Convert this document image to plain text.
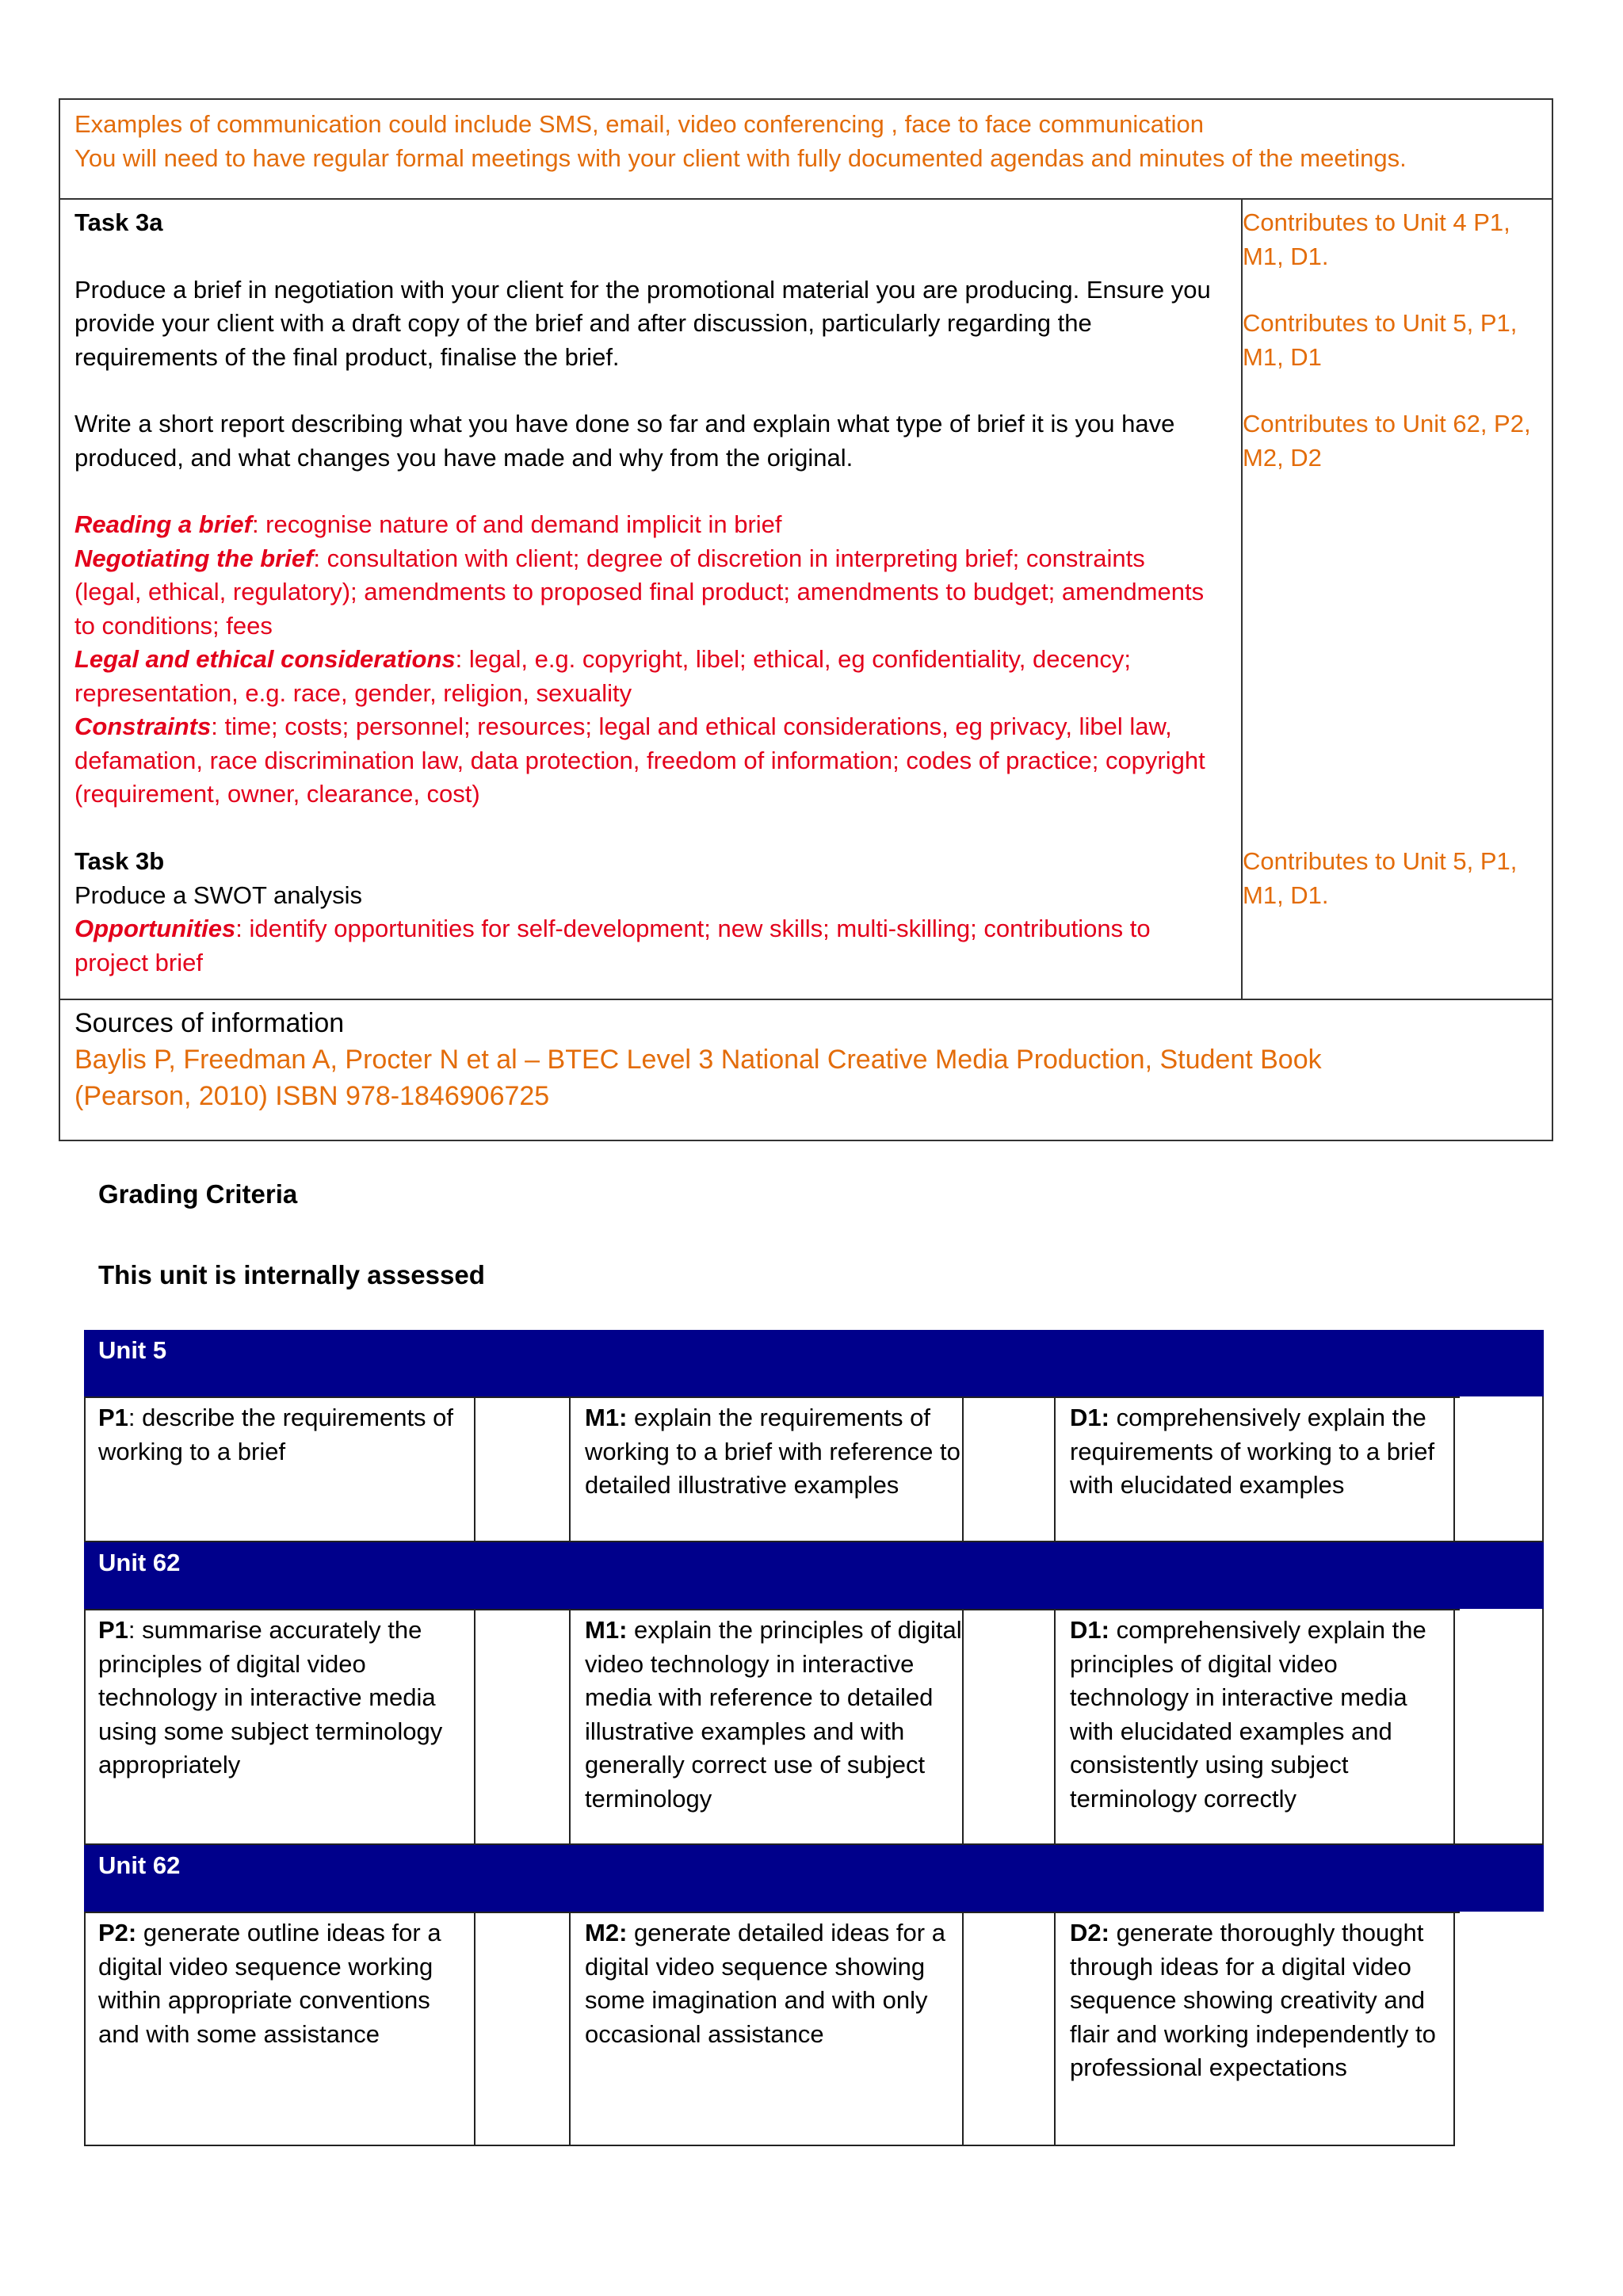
Examples of communication could include SMS, email, video conferencing , face to face communication

You will need to have regular formal meetings with your client with fully documented agendas and minutes of the meetings.

Task 3a

Produce a brief in negotiation with your client for the promotional material you are producing. Ensure you provide your client with a draft copy of the brief and after discussion, particularly regarding the requirements of the final product, finalise the brief.

Write a short report describing what you have done so far and explain what type of brief it is you have produced, and what changes you have made and why from the original.

Reading a brief: recognise nature of and demand implicit in brief

Negotiating the brief: consultation with client; degree of discretion in interpreting brief; constraints (legal, ethical, regulatory); amendments to proposed final product; amendments to budget; amendments to conditions; fees

Legal and ethical considerations: legal, e.g. copyright, libel; ethical, eg confidentiality, decency; representation, e.g. race, gender, religion, sexuality

Constraints: time; costs; personnel; resources; legal and ethical considerations, eg privacy, libel law, defamation, race discrimination law, data protection, freedom of information; codes of practice; copyright (requirement, owner, clearance, cost)

Task 3b

Produce a SWOT analysis

Opportunities: identify opportunities for self-development; new skills; multi-skilling; contributions to project brief

Contributes to Unit 4 P1, M1, D1.

Contributes to Unit 5, P1, M1, D1

Contributes to Unit 62, P2, M2, D2

Contributes to Unit 5, P1, M1, D1.

Sources of information

Baylis P, Freedman A, Procter N et al – BTEC Level 3 National Creative Media Production, Student Book (Pearson, 2010) ISBN 978-1846906725

Grading Criteria
This unit is internally assessed
Unit 5

P1: describe the requirements of working to a brief

M1: explain the requirements of working to a brief with reference to detailed illustrative examples

D1: comprehensively explain the requirements of working to a brief with elucidated examples

Unit 62

P1: summarise accurately the principles of digital video technology in interactive media using some subject terminology appropriately

M1: explain the principles of digital video technology in interactive media with reference to detailed illustrative examples and with generally correct use of subject terminology

D1: comprehensively explain the principles of digital video technology in interactive media with elucidated examples and consistently using subject terminology correctly

Unit 62

P2: generate outline ideas for a digital video sequence working within appropriate conventions and with some assistance

M2: generate detailed ideas for a digital video sequence showing some imagination and with only occasional assistance

D2: generate thoroughly thought through ideas for a digital video sequence showing creativity and flair and working independently to professional expectations
